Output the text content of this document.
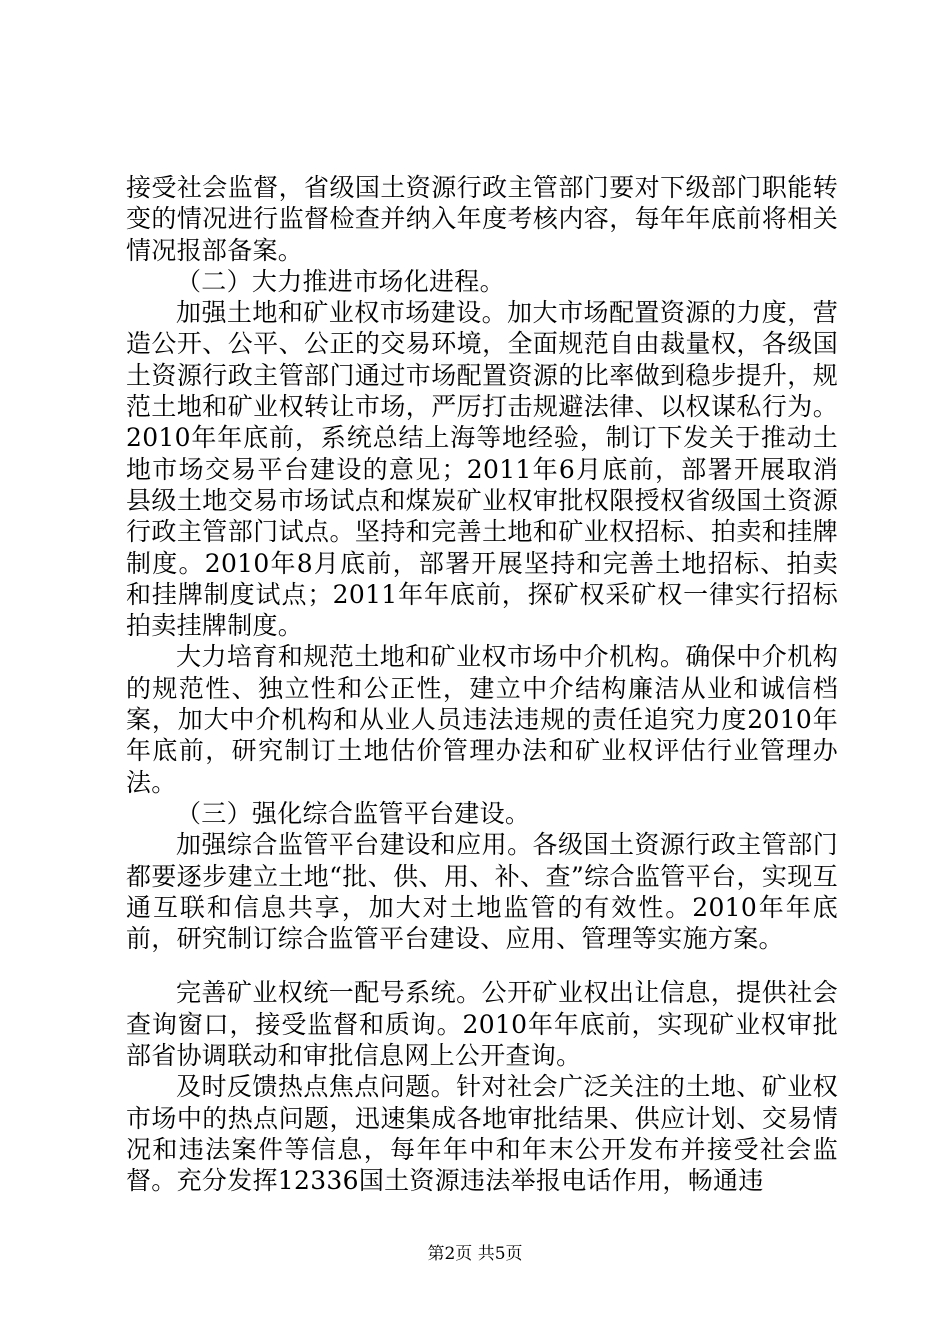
接受社会监督，省级国土资源行政主管部门要对下级部门职能转变的情况进行监督检查并纳入年度考核内容，每年年底前将相关情况报部备案。

（二）大力推进市场化进程。

加强土地和矿业权市场建设。加大市场配置资源的力度，营造公开、公平、公正的交易环境，全面规范自由裁量权，各级国土资源行政主管部门通过市场配置资源的比率做到稳步提升，规范土地和矿业权转让市场，严厉打击规避法律、以权谋私行为。2010年年底前，系统总结上海等地经验，制订下发关于推动土地市场交易平台建设的意见；2011年6月底前，部署开展取消县级土地交易市场试点和煤炭矿业权审批权限授权省级国土资源行政主管部门试点。坚持和完善土地和矿业权招标、拍卖和挂牌制度。2010年8月底前，部署开展坚持和完善土地招标、拍卖和挂牌制度试点；2011年年底前，探矿权采矿权一律实行招标拍卖挂牌制度。

大力培育和规范土地和矿业权市场中介机构。确保中介机构的规范性、独立性和公正性，建立中介结构廉洁从业和诚信档案，加大中介机构和从业人员违法违规的责任追究力度2010年年底前，研究制订土地估价管理办法和矿业权评估行业管理办法。

（三）强化综合监管平台建设。

加强综合监管平台建设和应用。各级国土资源行政主管部门都要逐步建立土地“批、供、用、补、查”综合监管平台，实现互通互联和信息共享，加大对土地监管的有效性。2010年年底前，研究制订综合监管平台建设、应用、管理等实施方案。

完善矿业权统一配号系统。公开矿业权出让信息，提供社会查询窗口，接受监督和质询。2010年年底前，实现矿业权审批部省协调联动和审批信息网上公开查询。

及时反馈热点焦点问题。针对社会广泛关注的土地、矿业权市场中的热点问题，迅速集成各地审批结果、供应计划、交易情况和违法案件等信息，每年年中和年末公开发布并接受社会监督。充分发挥12336国土资源违法举报电话作用，畅通违

第2页 共5页
